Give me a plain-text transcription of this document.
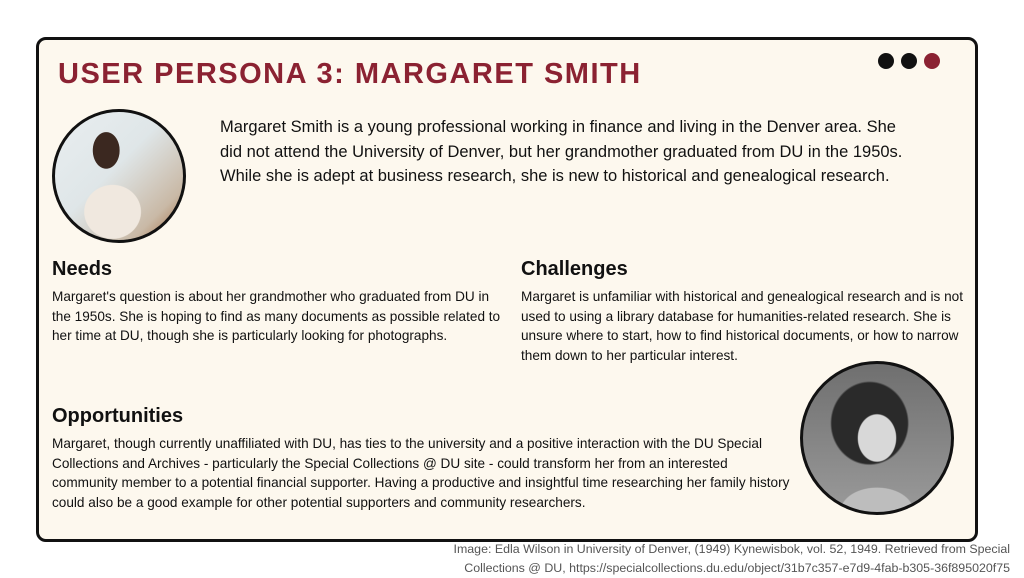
USER PERSONA 3: MARGARET SMITH

Margaret Smith is a young professional working in finance and living in the Denver area. She did not attend the University of Denver, but her grandmother graduated from DU in the 1950s. While she is adept at business research, she is new to historical and genealogical research.

Needs

Margaret's question is about her grandmother who graduated from DU in the 1950s. She is hoping to find as many documents as possible related to her time at DU, though she is particularly looking for photographs.

Challenges

Margaret is unfamiliar with historical and genealogical research and is not used to using a library database for humanities-related research. She is unsure where to start, how to find historical documents, or how to narrow them down to her particular interest.

Opportunities

Margaret, though currently unaffiliated with DU, has ties to the university and a positive interaction with the DU Special Collections and Archives - particularly the Special Collections @ DU site - could transform her from an interested community member to a potential financial supporter. Having a productive and insightful time researching her family history could also be a good example for other potential supporters and community researchers.

Image: Edla Wilson in University of Denver, (1949) Kynewisbok, vol. 52, 1949. Retrieved from Special
Collections @ DU, https://specialcollections.du.edu/object/31b7c357-e7d9-4fab-b305-36f895020f75
